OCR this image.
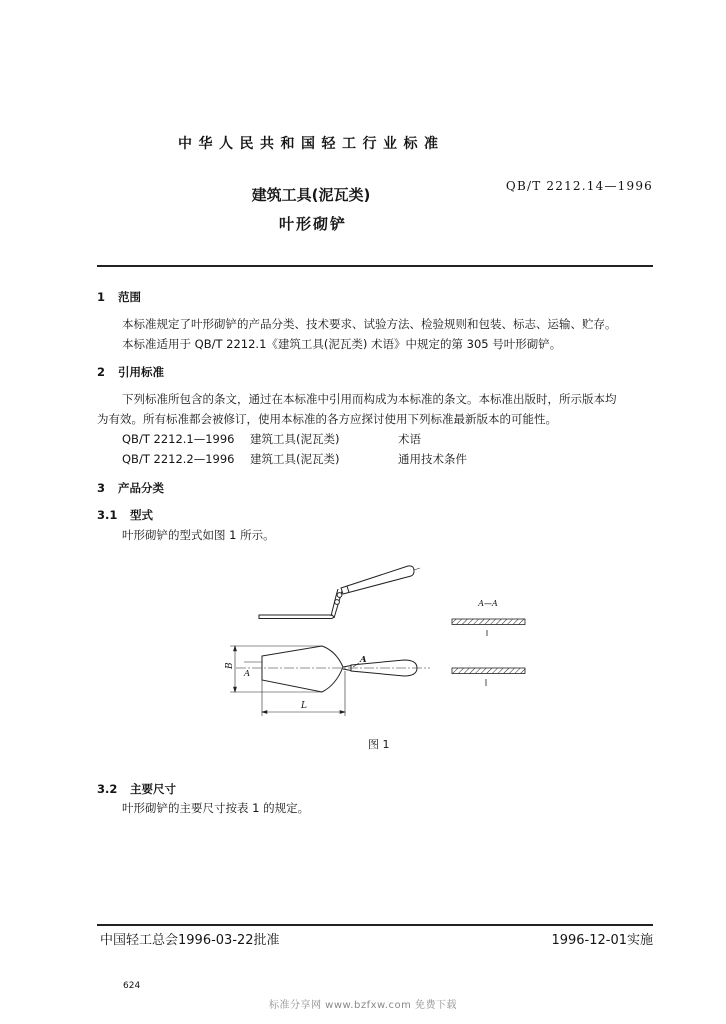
中华人民共和国轻工行业标准
QB/T 2212.14—1996
建筑工具(泥瓦类)
叶形砌铲
1 范围
本标准规定了叶形砌铲的产品分类、技术要求、试验方法、检验规则和包装、标志、运输、贮存。
本标准适用于 QB/T 2212.1《建筑工具(泥瓦类) 术语》中规定的第 305 号叶形砌铲。
2 引用标准
下列标准所包含的条文，通过在本标准中引用而构成为本标准的条文。本标准出版时，所示版本均
为有效。所有标准都会被修订，使用本标准的各方应探讨使用下列标准最新版本的可能性。
QB/T 2212.1—1996	建筑工具(泥瓦类)	术语
QB/T 2212.2—1996	建筑工具(泥瓦类)	通用技术条件
3 产品分类
3.1 型式
叶形砌铲的型式如图 1 所示。
B
A
A
L
A—A
图 1
3.2 主要尺寸
叶形砌铲的主要尺寸按表 1 的规定。
中国轻工总会1996-03-22批准	1996-12-01实施
624
标准分享网 www.bzfxw.com 免费下载
